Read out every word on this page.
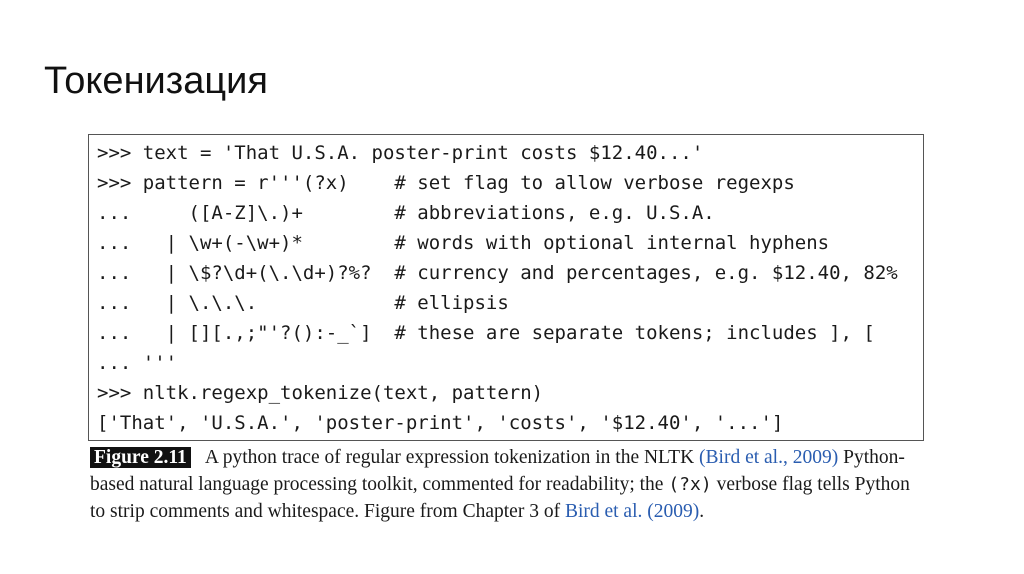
Токенизация
>>> text = 'That U.S.A. poster-print costs $12.40...'
>>> pattern = r'''(?x)    # set flag to allow verbose regexps
...     ([A-Z]\.)+        # abbreviations, e.g. U.S.A.
...   | \w+(-\w+)*        # words with optional internal hyphens
...   | \$?\d+(\.\d+)?%?  # currency and percentages, e.g. $12.40, 82%
...   | \.\.\.            # ellipsis
...   | [][.,;"'?():-_`]  # these are separate tokens; includes ], [
... '''
>>> nltk.regexp_tokenize(text, pattern)
['That', 'U.S.A.', 'poster-print', 'costs', '$12.40', '...']
Figure 2.11 A python trace of regular expression tokenization in the NLTK (Bird et al., 2009) Python-based natural language processing toolkit, commented for readability; the (?x) verbose flag tells Python to strip comments and whitespace. Figure from Chapter 3 of Bird et al. (2009).
